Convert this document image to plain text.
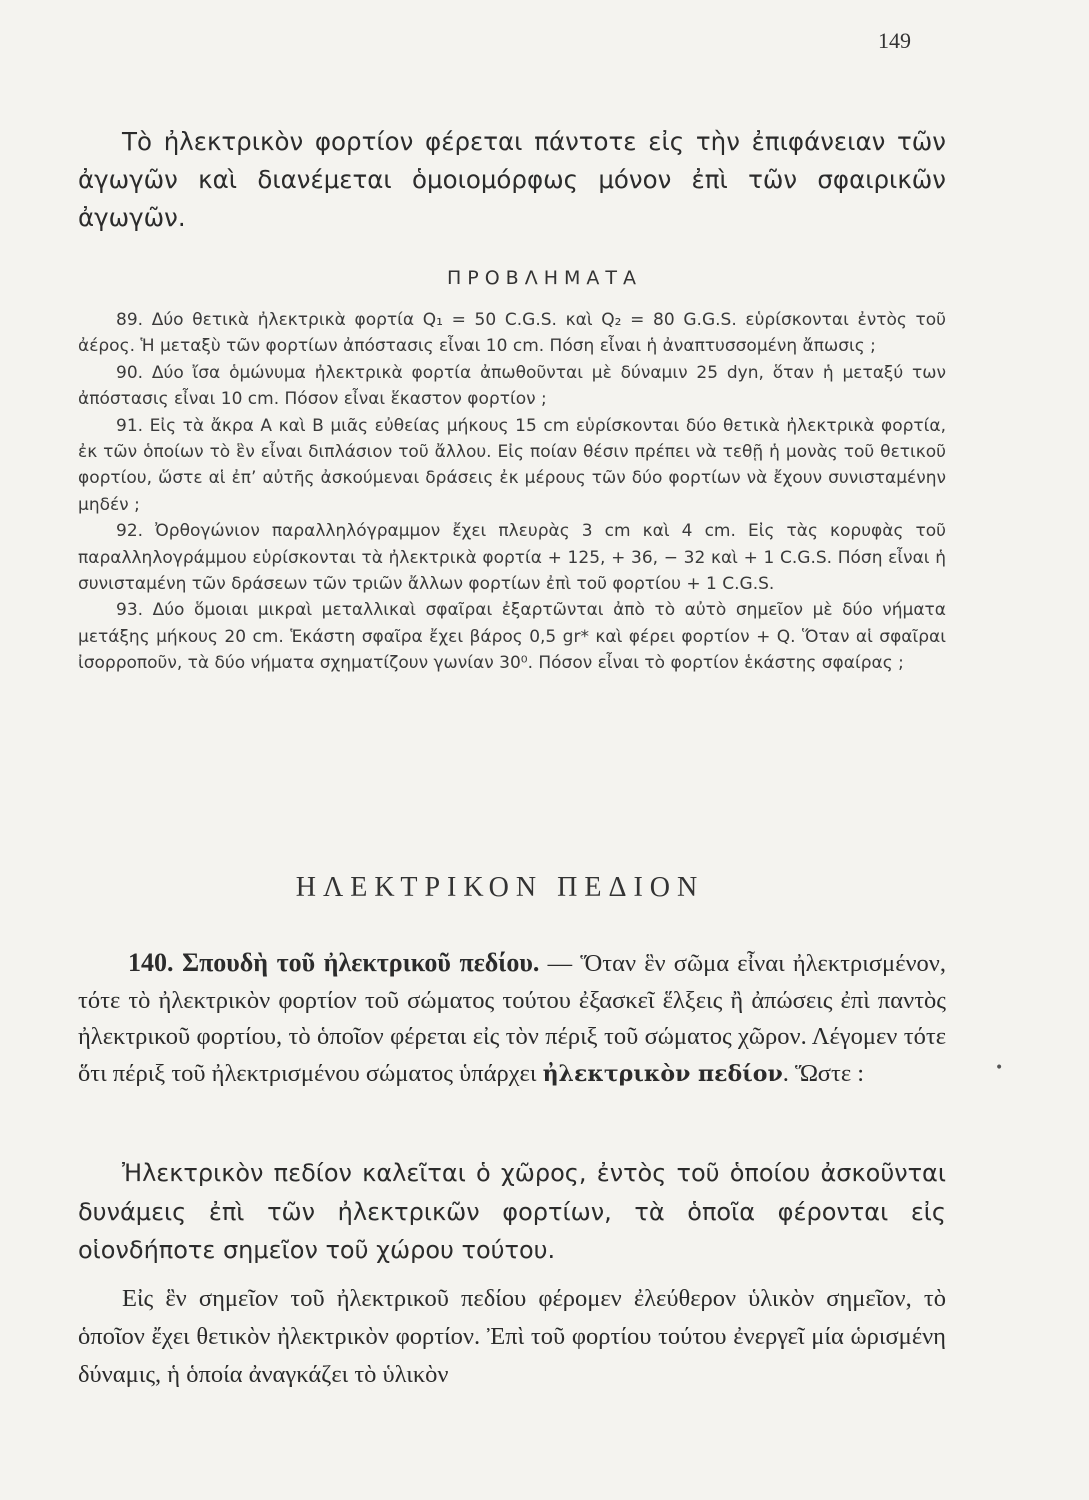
149

Τὸ ἠλεκτρικὸν φορτίον φέρεται πάντοτε εἰς τὴν ἐπιφάνειαν τῶν ἀγωγῶν καὶ διανέμεται ὁμοιομόρφως μόνον ἐπὶ τῶν σφαιρικῶν ἀγωγῶν.

ΠΡΟΒΛΗΜΑΤΑ

89. Δύο θετικὰ ἠλεκτρικὰ φορτία Q₁ = 50 C.G.S. καὶ Q₂ = 80 G.G.S. εὑρίσκονται ἐντὸς τοῦ ἀέρος. Ἡ μεταξὺ τῶν φορτίων ἀπόστασις εἶναι 10 cm. Πόση εἶναι ἡ ἀναπτυσσομένη ἄπωσις ;

90. Δύο ἴσα ὁμώνυμα ἠλεκτρικὰ φορτία ἀπωθοῦνται μὲ δύναμιν 25 dyn, ὅταν ἡ μεταξύ των ἀπόστασις εἶναι 10 cm. Πόσον εἶναι ἕκαστον φορτίον ;

91. Εἰς τὰ ἄκρα Α καὶ Β μιᾶς εὐθείας μήκους 15 cm εὑρίσκονται δύο θετικὰ ἠλεκτρικὰ φορτία, ἐκ τῶν ὁποίων τὸ ἓν εἶναι διπλάσιον τοῦ ἄλλου. Εἰς ποίαν θέσιν πρέπει νὰ τεθῇ ἡ μονὰς τοῦ θετικοῦ φορτίου, ὥστε αἱ ἐπ’ αὐτῆς ἀσκούμεναι δράσεις ἐκ μέρους τῶν δύο φορτίων νὰ ἔχουν συνισταμένην μηδέν ;

92. Ὀρθογώνιον παραλληλόγραμμον ἔχει πλευρὰς 3 cm καὶ 4 cm. Εἰς τὰς κορυφὰς τοῦ παραλληλογράμμου εὑρίσκονται τὰ ἠλεκτρικὰ φορτία + 125, + 36, − 32 καὶ + 1 C.G.S. Πόση εἶναι ἡ συνισταμένη τῶν δράσεων τῶν τριῶν ἄλλων φορτίων ἐπὶ τοῦ φορτίου + 1 C.G.S.

93. Δύο ὅμοιαι μικραὶ μεταλλικαὶ σφαῖραι ἐξαρτῶνται ἀπὸ τὸ αὐτὸ σημεῖον μὲ δύο νήματα μετάξης μήκους 20 cm. Ἑκάστη σφαῖρα ἔχει βάρος 0,5 gr* καὶ φέρει φορτίον + Q. Ὅταν αἱ σφαῖραι ἰσορροποῦν, τὰ δύο νήματα σχηματίζουν γωνίαν 30⁰. Πόσον εἶναι τὸ φορτίον ἑκάστης σφαίρας ;

ΗΛΕΚΤΡΙΚΟΝ ΠΕΔΙΟΝ

140. Σπουδὴ τοῦ ἠλεκτρικοῦ πεδίου. — Ὅταν ἓν σῶμα εἶναι ἠλεκτρισμένον, τότε τὸ ἠλεκτρικὸν φορτίον τοῦ σώματος τούτου ἐξασκεῖ ἕλξεις ἢ ἀπώσεις ἐπὶ παντὸς ἠλεκτρικοῦ φορτίου, τὸ ὁποῖον φέρεται εἰς τὸν πέριξ τοῦ σώματος χῶρον. Λέγομεν τότε ὅτι πέριξ τοῦ ἠλεκτρισμένου σώματος ὑπάρχει ἠλεκτρικὸν πεδίον. Ὥστε :

Ἠλεκτρικὸν πεδίον καλεῖται ὁ χῶρος, ἐντὸς τοῦ ὁποίου ἀσκοῦνται δυνάμεις ἐπὶ τῶν ἠλεκτρικῶν φορτίων, τὰ ὁποῖα φέρονται εἰς οἱονδήποτε σημεῖον τοῦ χώρου τούτου.

Εἰς ἓν σημεῖον τοῦ ἠλεκτρικοῦ πεδίου φέρομεν ἐλεύθερον ὑλικὸν σημεῖον, τὸ ὁποῖον ἔχει θετικὸν ἠλεκτρικὸν φορτίον. Ἐπὶ τοῦ φορτίου τούτου ἐνεργεῖ μία ὡρισμένη δύναμις, ἡ ὁποία ἀναγκάζει τὸ ὑλικὸν

•
